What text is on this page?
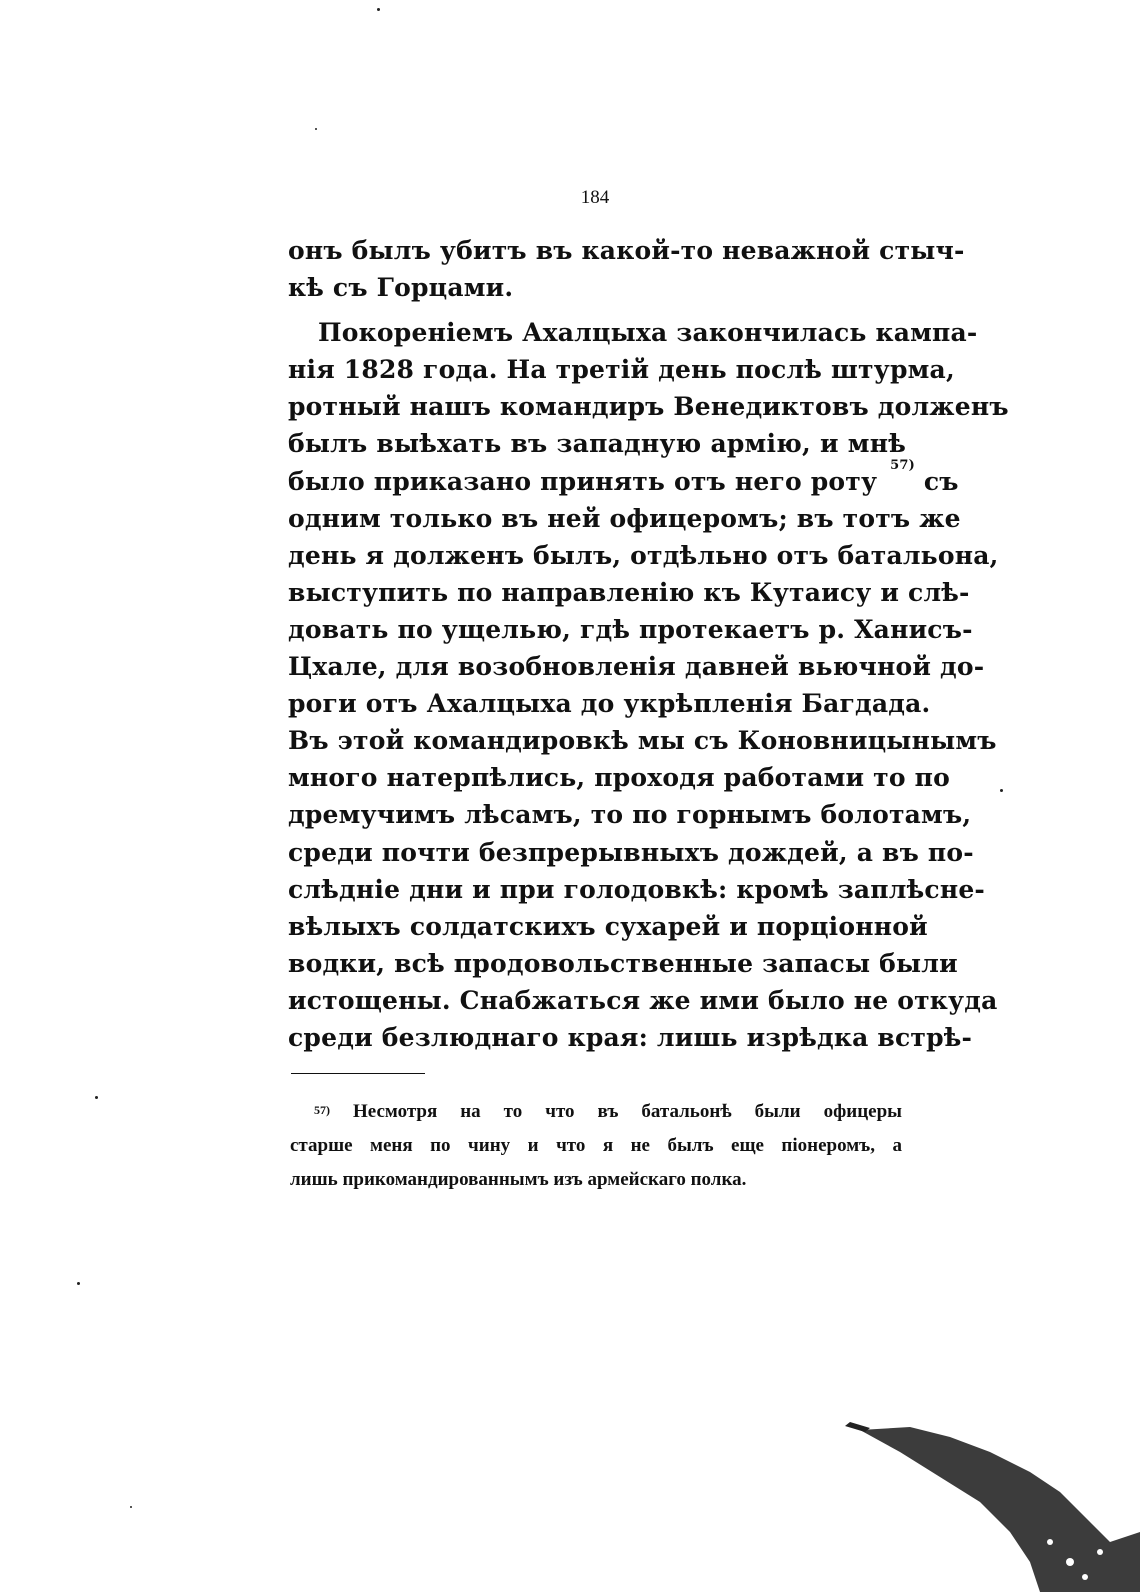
184
онъ былъ убитъ въ какой-то неважной стыч-
кѣ съ Горцами.
Покореніемъ Ахалцыха закончилась кампа-
нія 1828 года. На третій день послѣ штурма,
ротный нашъ командиръ Венедиктовъ долженъ
былъ выѣхать въ западную армію, и мнѣ
было приказано принять отъ него роту $^{57)}$ съ
одним только въ ней офицеромъ; въ тотъ же
день я долженъ былъ, отдѣльно отъ батальона,
выступить по направленію къ Кутаису и слѣ-
довать по ущелью, гдѣ протекаетъ р. Ханисъ-
Цхале, для возобновленія давней вьючной до-
роги отъ Ахалцыха до укрѣпленія Багдада.
Въ этой командировкѣ мы съ Коновницынымъ
много натерпѣлись, проходя работами то по
дремучимъ лѣсамъ, то по горнымъ болотамъ,
среди почти безпрерывныхъ дождей, а въ по-
слѣдніе дни и при голодовкѣ: кромѣ заплѣсне-
вѣлыхъ солдатскихъ сухарей и порціонной
водки, всѣ продовольственные запасы были
истощены. Снабжаться же ими было не откуда
среди безлюднаго края: лишь изрѣдка встрѣ-
$^{57)}$ Несмотря на то что въ батальонѣ были офицеры
старше меня по чину и что я не былъ еще піонеромъ, а
лишь прикомандированнымъ изъ армейскаго полка.
